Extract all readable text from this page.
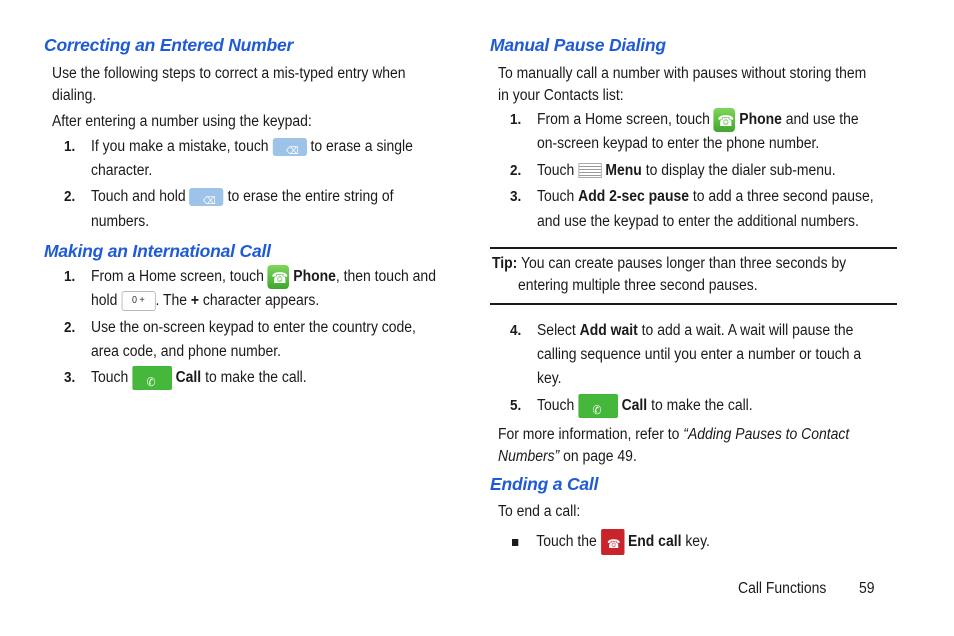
Correcting an Entered Number
Use the following steps to correct a mis-typed entry when
dialing.
After entering a number using the keypad:
1. If you make a mistake, touch ⌫	to erase a single
character.
2. Touch and hold ⌫	to erase the entire string of
numbers.
Making an International Call
1. From a Home screen, touch ☎ Phone, then touch and
hold 0 + . The + character appears.
2. Use the on-screen keypad to enter the country code,
area code, and phone number.
3. Touch ✆	Call to make the call.
Manual Pause Dialing
To manually call a number with pauses without storing them
in your Contacts list:
1. From a Home screen, touch ☎ Phone and use the
on-screen keypad to enter the phone number.
2. Touch Menu to display the dialer sub-menu.
3. Touch Add 2-sec pause to add a three second pause,
and use the keypad to enter the additional numbers.
Tip: You can create pauses longer than three seconds by
entering multiple three second pauses.
4. Select Add wait to add a wait. A wait will pause the
calling sequence until you enter a number or touch a
key.
5. Touch ✆	Call to make the call.
For more information, refer to “Adding Pauses to Contact
Numbers” on page 49.
Ending a Call
To end a call:
Touch the ☎ End call key.
Call Functions 59
